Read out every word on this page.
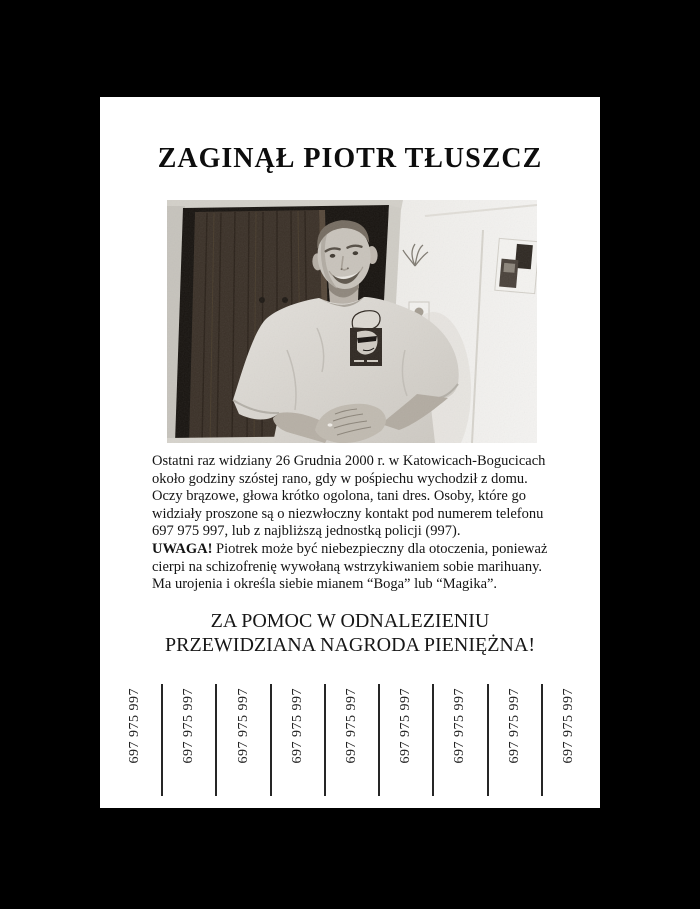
ZAGINĄŁ PIOTR TŁUSZCZ
Ostatni raz widziany 26 Grudnia 2000 r. w Katowicach-Bogucicach
około godziny szóstej rano, gdy w pośpiechu wychodził z domu.
Oczy brązowe, głowa krótko ogolona, tani dres. Osoby, które go
widziały proszone są o niezwłoczny kontakt pod numerem telefonu
697 975 997, lub z najbliższą jednostką policji (997).
UWAGA! Piotrek może być niebezpieczny dla otoczenia, ponieważ
cierpi na schizofrenię wywołaną wstrzykiwaniem sobie marihuany.
Ma urojenia i określa siebie mianem “Boga” lub “Magika”.
ZA POMOC W ODNALEZIENIU
PRZEWIDZIANA NAGRODA PIENIĘŻNA!
697 975 997	697 975 997	697 975 997	697 975 997	697 975 997	697 975 997	697 975 997	697 975 997	697 975 997
